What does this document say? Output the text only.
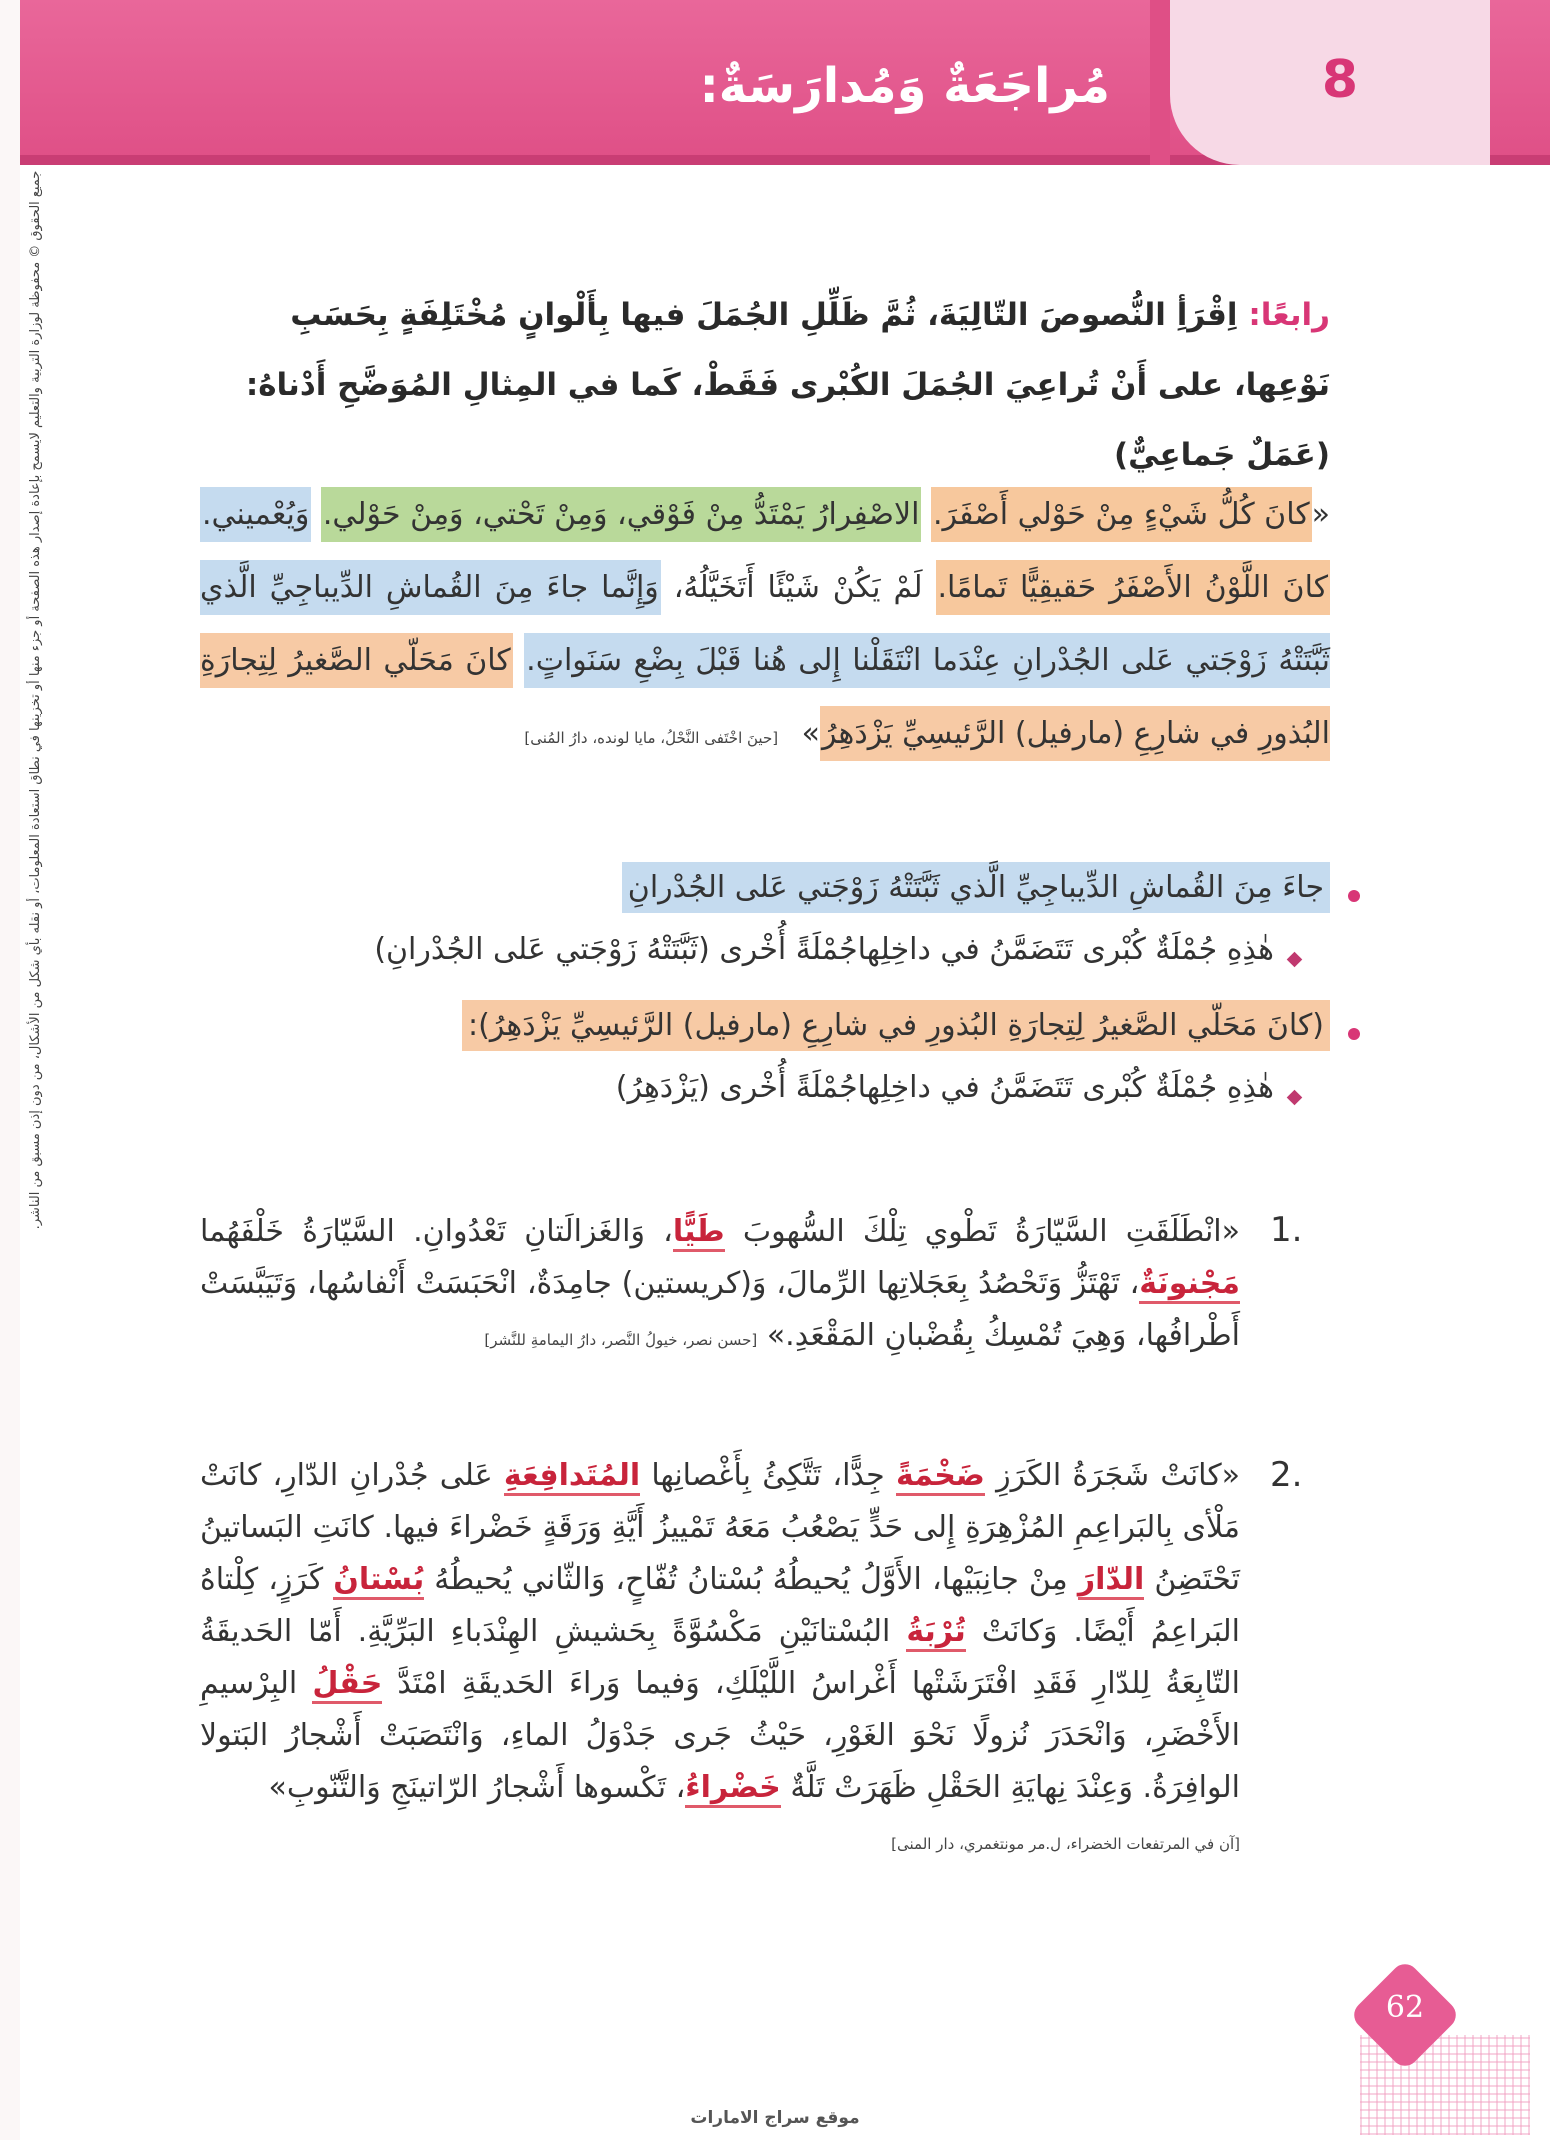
8
مُراجَعَةٌ وَمُدارَسَةٌ:
جميع الحقوق © محفوظة لوزارة التربية والتعليم لايسمح بإعادة إصدار هذه الصفحة أو جزء منها أو تخزينها في نطاق استعادة المعلومات، أو نقله بأي شكل من الأشكال، من دون إذن مسبق من الناشر.	رابعًا: اِقْرَأِ النُّصوصَ التّالِيَةَ، ثُمَّ ظَلِّلِ الجُمَلَ فيها بِأَلْوانٍ مُخْتَلِفَةٍ بِحَسَبِ نَوْعِها، على أَنْ تُراعِيَ الجُمَلَ الكُبْرى فَقَطْ، كَما في المِثالِ المُوَضَّحِ أَدْناهُ: (عَمَلٌ جَماعِيٌّ)
«كانَ كُلُّ شَيْءٍ مِنْ حَوْلي أَصْفَرَ. الاصْفِرارُ يَمْتَدُّ مِنْ فَوْقي، وَمِنْ تَحْتي، وَمِنْ حَوْلي. وَيُعْميني. كانَ اللَّوْنُ الأَصْفَرُ حَقيقِيًّا تَمامًا. لَمْ يَكُنْ شَيْئًا أَتَخَيَّلُهُ، وَإِنَّما جاءَ مِنَ القُماشِ الدِّيباجِيِّ الَّذي ثَبَّتَتْهُ زَوْجَتي عَلى الجُدْرانِ عِنْدَما انْتَقَلْنا إِلى هُنا قَبْلَ بِضْعِ سَنَواتٍ. كانَ مَحَلّي الصَّغيرُ لِتِجارَةِ البُذورِ في شارِعِ (مارفيل) الرَّئيسِيِّ يَزْدَهِرُ» [حينَ اخْتَفى النَّحْلُ، مايا لونده، دارُ المُنى]
جاءَ مِنَ القُماشِ الدِّيباجِيِّ الَّذي ثَبَّتَتْهُ زَوْجَتي عَلى الجُدْرانِ
هٰذِهِ جُمْلَةٌ كُبْرى تَتَضَمَّنُ في داخِلِهاجُمْلَةً أُخْرى (ثَبَّتَتْهُ زَوْجَتي عَلى الجُدْرانِ)
(كانَ مَحَلّي الصَّغيرُ لِتِجارَةِ البُذورِ في شارِعِ (مارفيل) الرَّئيسِيِّ يَزْدَهِرُ):
هٰذِهِ جُمْلَةٌ كُبْرى تَتَضَمَّنُ في داخِلِهاجُمْلَةً أُخْرى (يَزْدَهِرُ)
1.
«انْطَلَقَتِ السَّيّارَةُ تَطْوي تِلْكَ السُّهوبَ طَيًّا، وَالغَزالَتانِ تَعْدُوانِ. السَّيّارَةُ خَلْفَهُما مَجْنونَةٌ، تَهْتَزُّ وَتَحْصُدُ بِعَجَلاتِها الرِّمالَ، وَ(كريستين) جامِدَةٌ، انْحَبَسَتْ أَنْفاسُها، وَتَيَبَّسَتْ أَطْرافُها، وَهِيَ تُمْسِكُ بِقُضْبانِ المَقْعَدِ.» [حسن نصر، خيولُ النَّصر، دارُ اليمامةِ للنَّشر]
2.
«كانَتْ شَجَرَةُ الكَرَزِ ضَخْمَةً جِدًّا، تَتَّكِئُ بِأَغْصانِها المُتَدافِعَةِ عَلى جُدْرانِ الدّارِ، كانَتْ مَلْأى بِالبَراعِمِ المُزْهِرَةِ إِلى حَدٍّ يَصْعُبُ مَعَهُ تَمْييزُ أَيَّةِ وَرَقَةٍ خَضْراءَ فيها. كانَتِ البَساتينُ تَحْتَضِنُ الدّارَ مِنْ جانِبَيْها، الأَوَّلُ يُحيطُهُ بُسْتانُ تُفّاحٍ، وَالثّاني يُحيطُهُ بُسْتانُ كَرَزٍ، كِلْتاهُ البَراعِمُ أَيْضًا. وَكانَتْ تُرْبَةُ البُسْتانَيْنِ مَكْسُوَّةً بِحَشيشِ الهِنْدَباءِ البَرِّيَّةِ. أَمّا الحَديقَةُ التّابِعَةُ لِلدّارِ فَقَدِ افْتَرَشَتْها أَغْراسُ اللَّيْلَكِ، وَفيما وَراءَ الحَديقَةِ امْتَدَّ حَقْلُ البِرْسيمِ الأَخْضَرِ، وَانْحَدَرَ نُزولًا نَحْوَ الغَوْرِ، حَيْثُ جَرى جَدْوَلُ الماءِ، وَانْتَصَبَتْ أَشْجارُ البَتولا الوافِرَةُ. وَعِنْدَ نِهايَةِ الحَقْلِ ظَهَرَتْ تَلَّةٌ خَضْراءُ، تَكْسوها أَشْجارُ الرّاتينَجِ وَالتَّنّوبِ»
[آن في المرتفعات الخضراء، ل.مر مونتغمري، دار المنى]
62
موقع سراج الامارات
